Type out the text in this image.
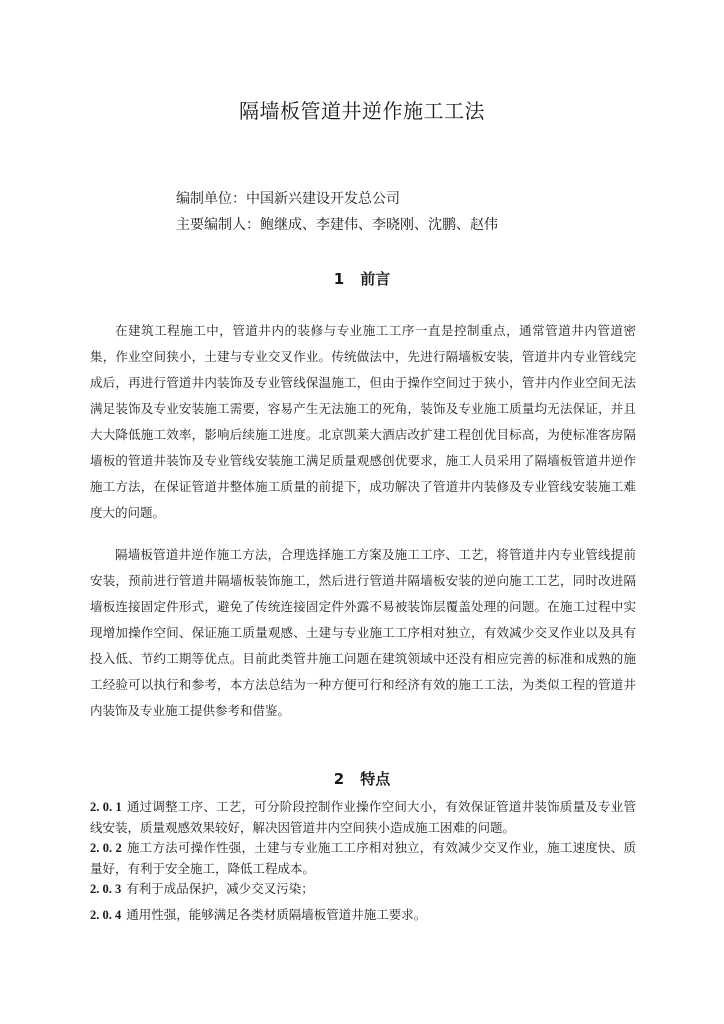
隔墙板管道井逆作施工工法
编制单位：中国新兴建设开发总公司
主要编制人：鲍继成、李建伟、李晓刚、沈鹏、赵伟
1 前言

在建筑工程施工中，管道井内的装修与专业施工工序一直是控制重点，通常管道井内管道密集，作业空间狭小，土建与专业交叉作业。传统做法中，先进行隔墙板安装，管道井内专业管线完成后，再进行管道井内装饰及专业管线保温施工，但由于操作空间过于狭小，管井内作业空间无法满足装饰及专业安装施工需要，容易产生无法施工的死角，装饰及专业施工质量均无法保证，并且大大降低施工效率，影响后续施工进度。北京凯莱大酒店改扩建工程创优目标高，为使标准客房隔墙板的管道井装饰及专业管线安装施工满足质量观感创优要求，施工人员采用了隔墙板管道井逆作施工方法，在保证管道井整体施工质量的前提下，成功解决了管道井内装修及专业管线安装施工难度大的问题。

隔墙板管道井逆作施工方法，合理选择施工方案及施工工序、工艺，将管道井内专业管线提前安装，预前进行管道井隔墙板装饰施工，然后进行管道井隔墙板安装的逆向施工工艺，同时改进隔墙板连接固定件形式，避免了传统连接固定件外露不易被装饰层覆盖处理的问题。在施工过程中实现增加操作空间、保证施工质量观感、土建与专业施工工序相对独立，有效减少交叉作业以及具有投入低、节约工期等优点。目前此类管井施工问题在建筑领域中还没有相应完善的标准和成熟的施工经验可以执行和参考，本方法总结为一种方便可行和经济有效的施工工法，为类似工程的管道井内装饰及专业施工提供参考和借鉴。

2 特点

2. 0. 1 通过调整工序、工艺，可分阶段控制作业操作空间大小，有效保证管道井装饰质量及专业管线安装，质量观感效果较好，解决因管道井内空间狭小造成施工困难的问题。

2. 0. 2 施工方法可操作性强，土建与专业施工工序相对独立，有效减少交叉作业，施工速度快、质量好，有利于安全施工，降低工程成本。

2. 0. 3 有利于成品保护，减少交叉污染；

2. 0. 4 通用性强，能够满足各类材质隔墙板管道井施工要求。
